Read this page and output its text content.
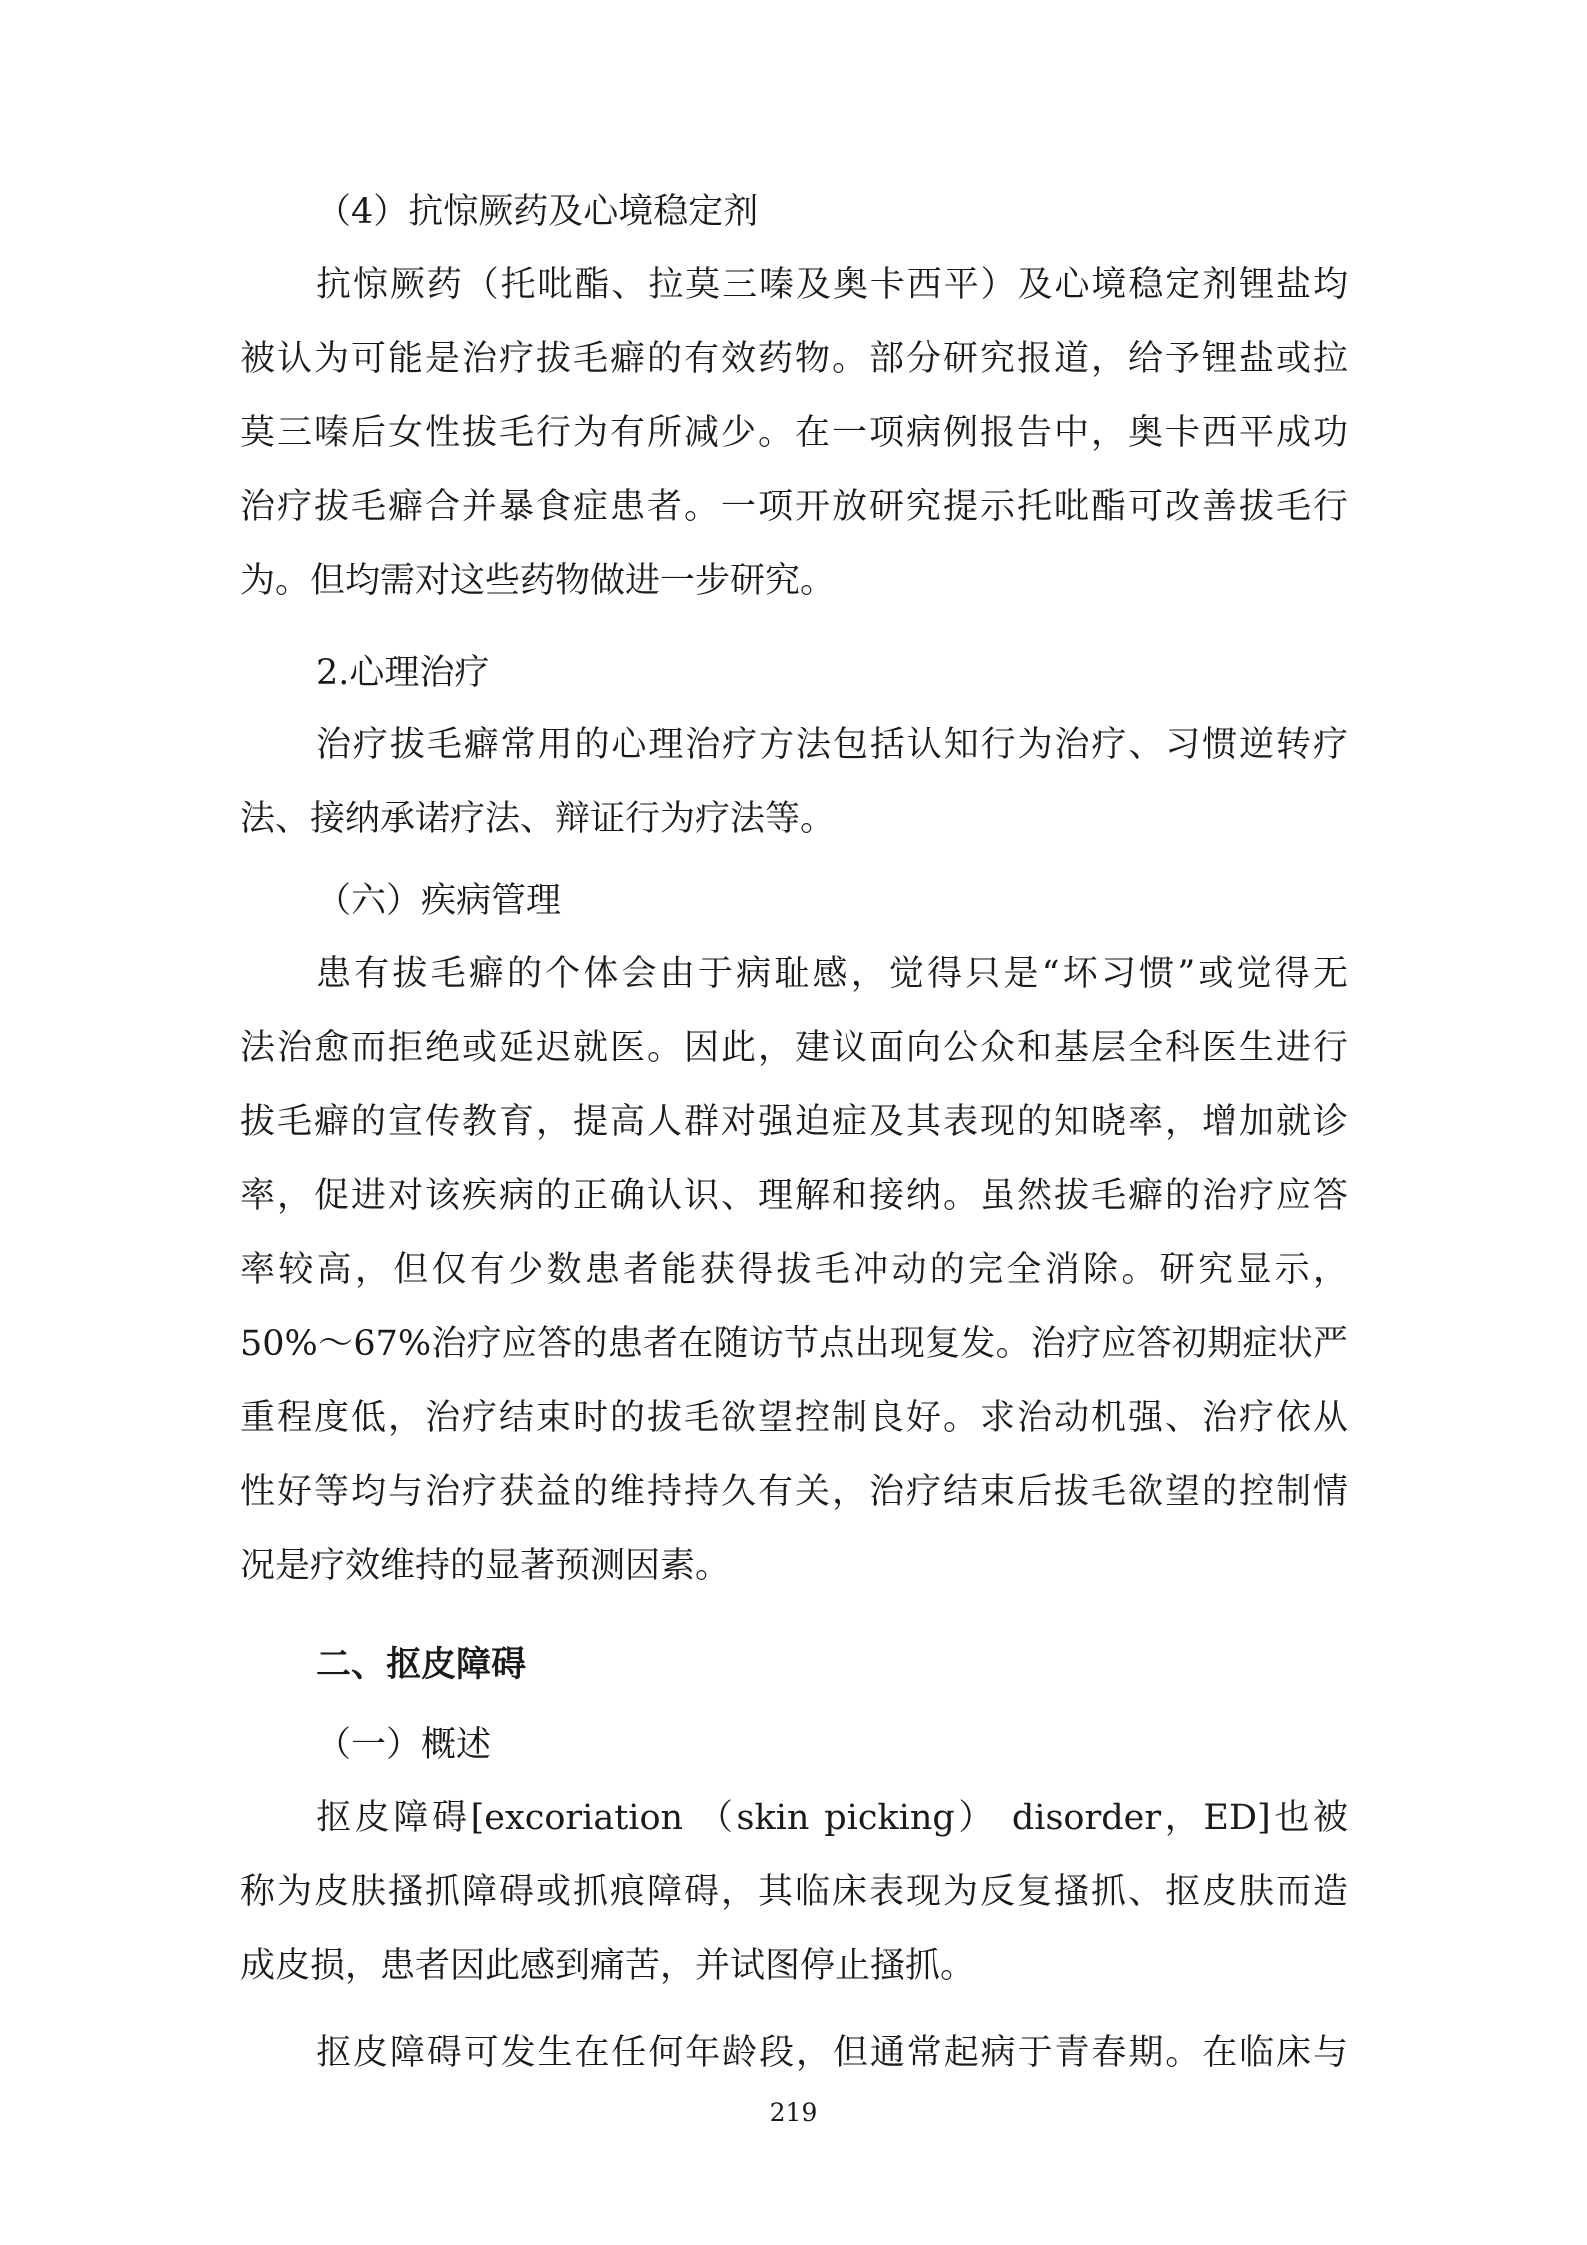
（4）抗惊厥药及心境稳定剂
抗惊厥药（托吡酯、拉莫三嗪及奥卡西平）及心境稳定剂锂盐均
被认为可能是治疗拔毛癖的有效药物。部分研究报道，给予锂盐或拉
莫三嗪后女性拔毛行为有所减少。在一项病例报告中，奥卡西平成功
治疗拔毛癖合并暴食症患者。一项开放研究提示托吡酯可改善拔毛行
为。但均需对这些药物做进一步研究。
2.心理治疗
治疗拔毛癖常用的心理治疗方法包括认知行为治疗、习惯逆转疗
法、接纳承诺疗法、辩证行为疗法等。
（六）疾病管理
患有拔毛癖的个体会由于病耻感，觉得只是“坏习惯”或觉得无
法治愈而拒绝或延迟就医。因此，建议面向公众和基层全科医生进行
拔毛癖的宣传教育，提高人群对强迫症及其表现的知晓率，增加就诊
率，促进对该疾病的正确认识、理解和接纳。虽然拔毛癖的治疗应答
率较高，但仅有少数患者能获得拔毛冲动的完全消除。研究显示，
50%～67%治疗应答的患者在随访节点出现复发。治疗应答初期症状严
重程度低，治疗结束时的拔毛欲望控制良好。求治动机强、治疗依从
性好等均与治疗获益的维持持久有关，治疗结束后拔毛欲望的控制情
况是疗效维持的显著预测因素。
二、抠皮障碍
（一）概述
抠皮障碍[excoriation （skin picking） disorder，ED]也被
称为皮肤搔抓障碍或抓痕障碍，其临床表现为反复搔抓、抠皮肤而造
成皮损，患者因此感到痛苦，并试图停止搔抓。
抠皮障碍可发生在任何年龄段，但通常起病于青春期。在临床与
219
